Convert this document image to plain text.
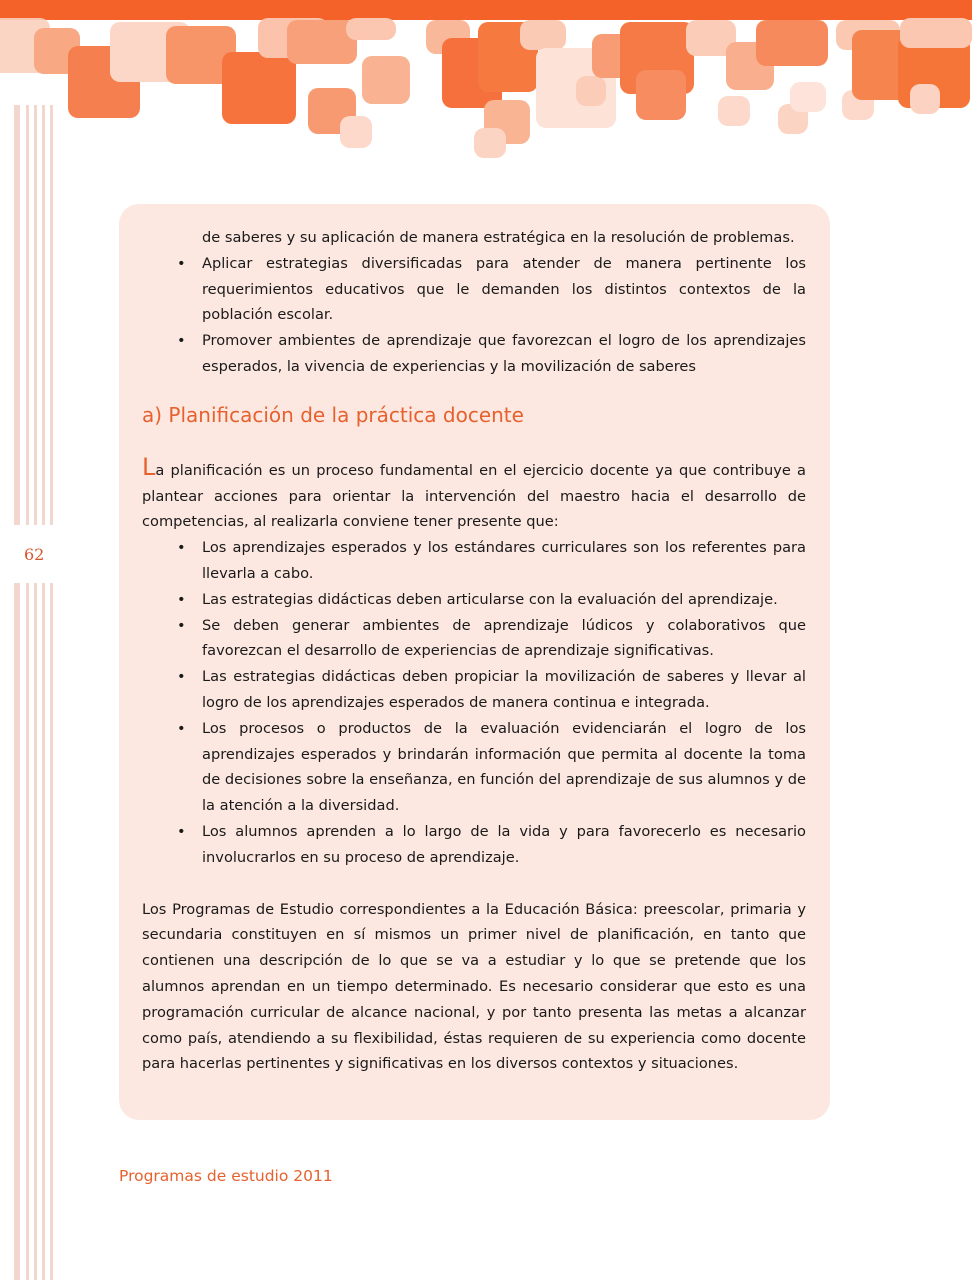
62

de saberes y su aplicación de manera estratégica en la resolución de problemas.

• Aplicar estrategias diversificadas para atender de manera pertinente los requerimientos educativos que le demanden los distintos contextos de la población escolar.
• Promover ambientes de aprendizaje que favorezcan el logro de los aprendizajes esperados, la vivencia de experiencias y la movilización de saberes
a) Planificación de la práctica docente

La planificación es un proceso fundamental en el ejercicio docente ya que contribuye a plantear acciones para orientar la intervención del maestro hacia el desarrollo de competencias, al realizarla conviene tener presente que:

• Los aprendizajes esperados y los estándares curriculares son los referentes para llevarla a cabo.
• Las estrategias didácticas deben articularse con la evaluación del aprendizaje.
• Se deben generar ambientes de aprendizaje lúdicos y colaborativos que favorezcan el desarrollo de experiencias de aprendizaje significativas.
• Las estrategias didácticas deben propiciar la movilización de saberes y llevar al logro de los aprendizajes esperados de manera continua e integrada.
• Los procesos o productos de la evaluación evidenciarán el logro de los aprendizajes esperados y brindarán información que permita al docente la toma de decisiones sobre la enseñanza, en función del aprendizaje de sus alumnos y de la atención a la diversidad.
• Los alumnos aprenden a lo largo de la vida y para favorecerlo es necesario involucrarlos en su proceso de aprendizaje.

Los Programas de Estudio correspondientes a la Educación Básica: preescolar, primaria y secundaria constituyen en sí mismos un primer nivel de planificación, en tanto que contienen una descripción de lo que se va a estudiar y lo que se pretende que los alumnos aprendan en un tiempo determinado. Es necesario considerar que esto es una programación curricular de alcance nacional, y por tanto presenta las metas a alcanzar como país, atendiendo a su flexibilidad, éstas requieren de su experiencia como docente para hacerlas pertinentes y significativas en los diversos contextos y situaciones.

Programas de estudio 2011
